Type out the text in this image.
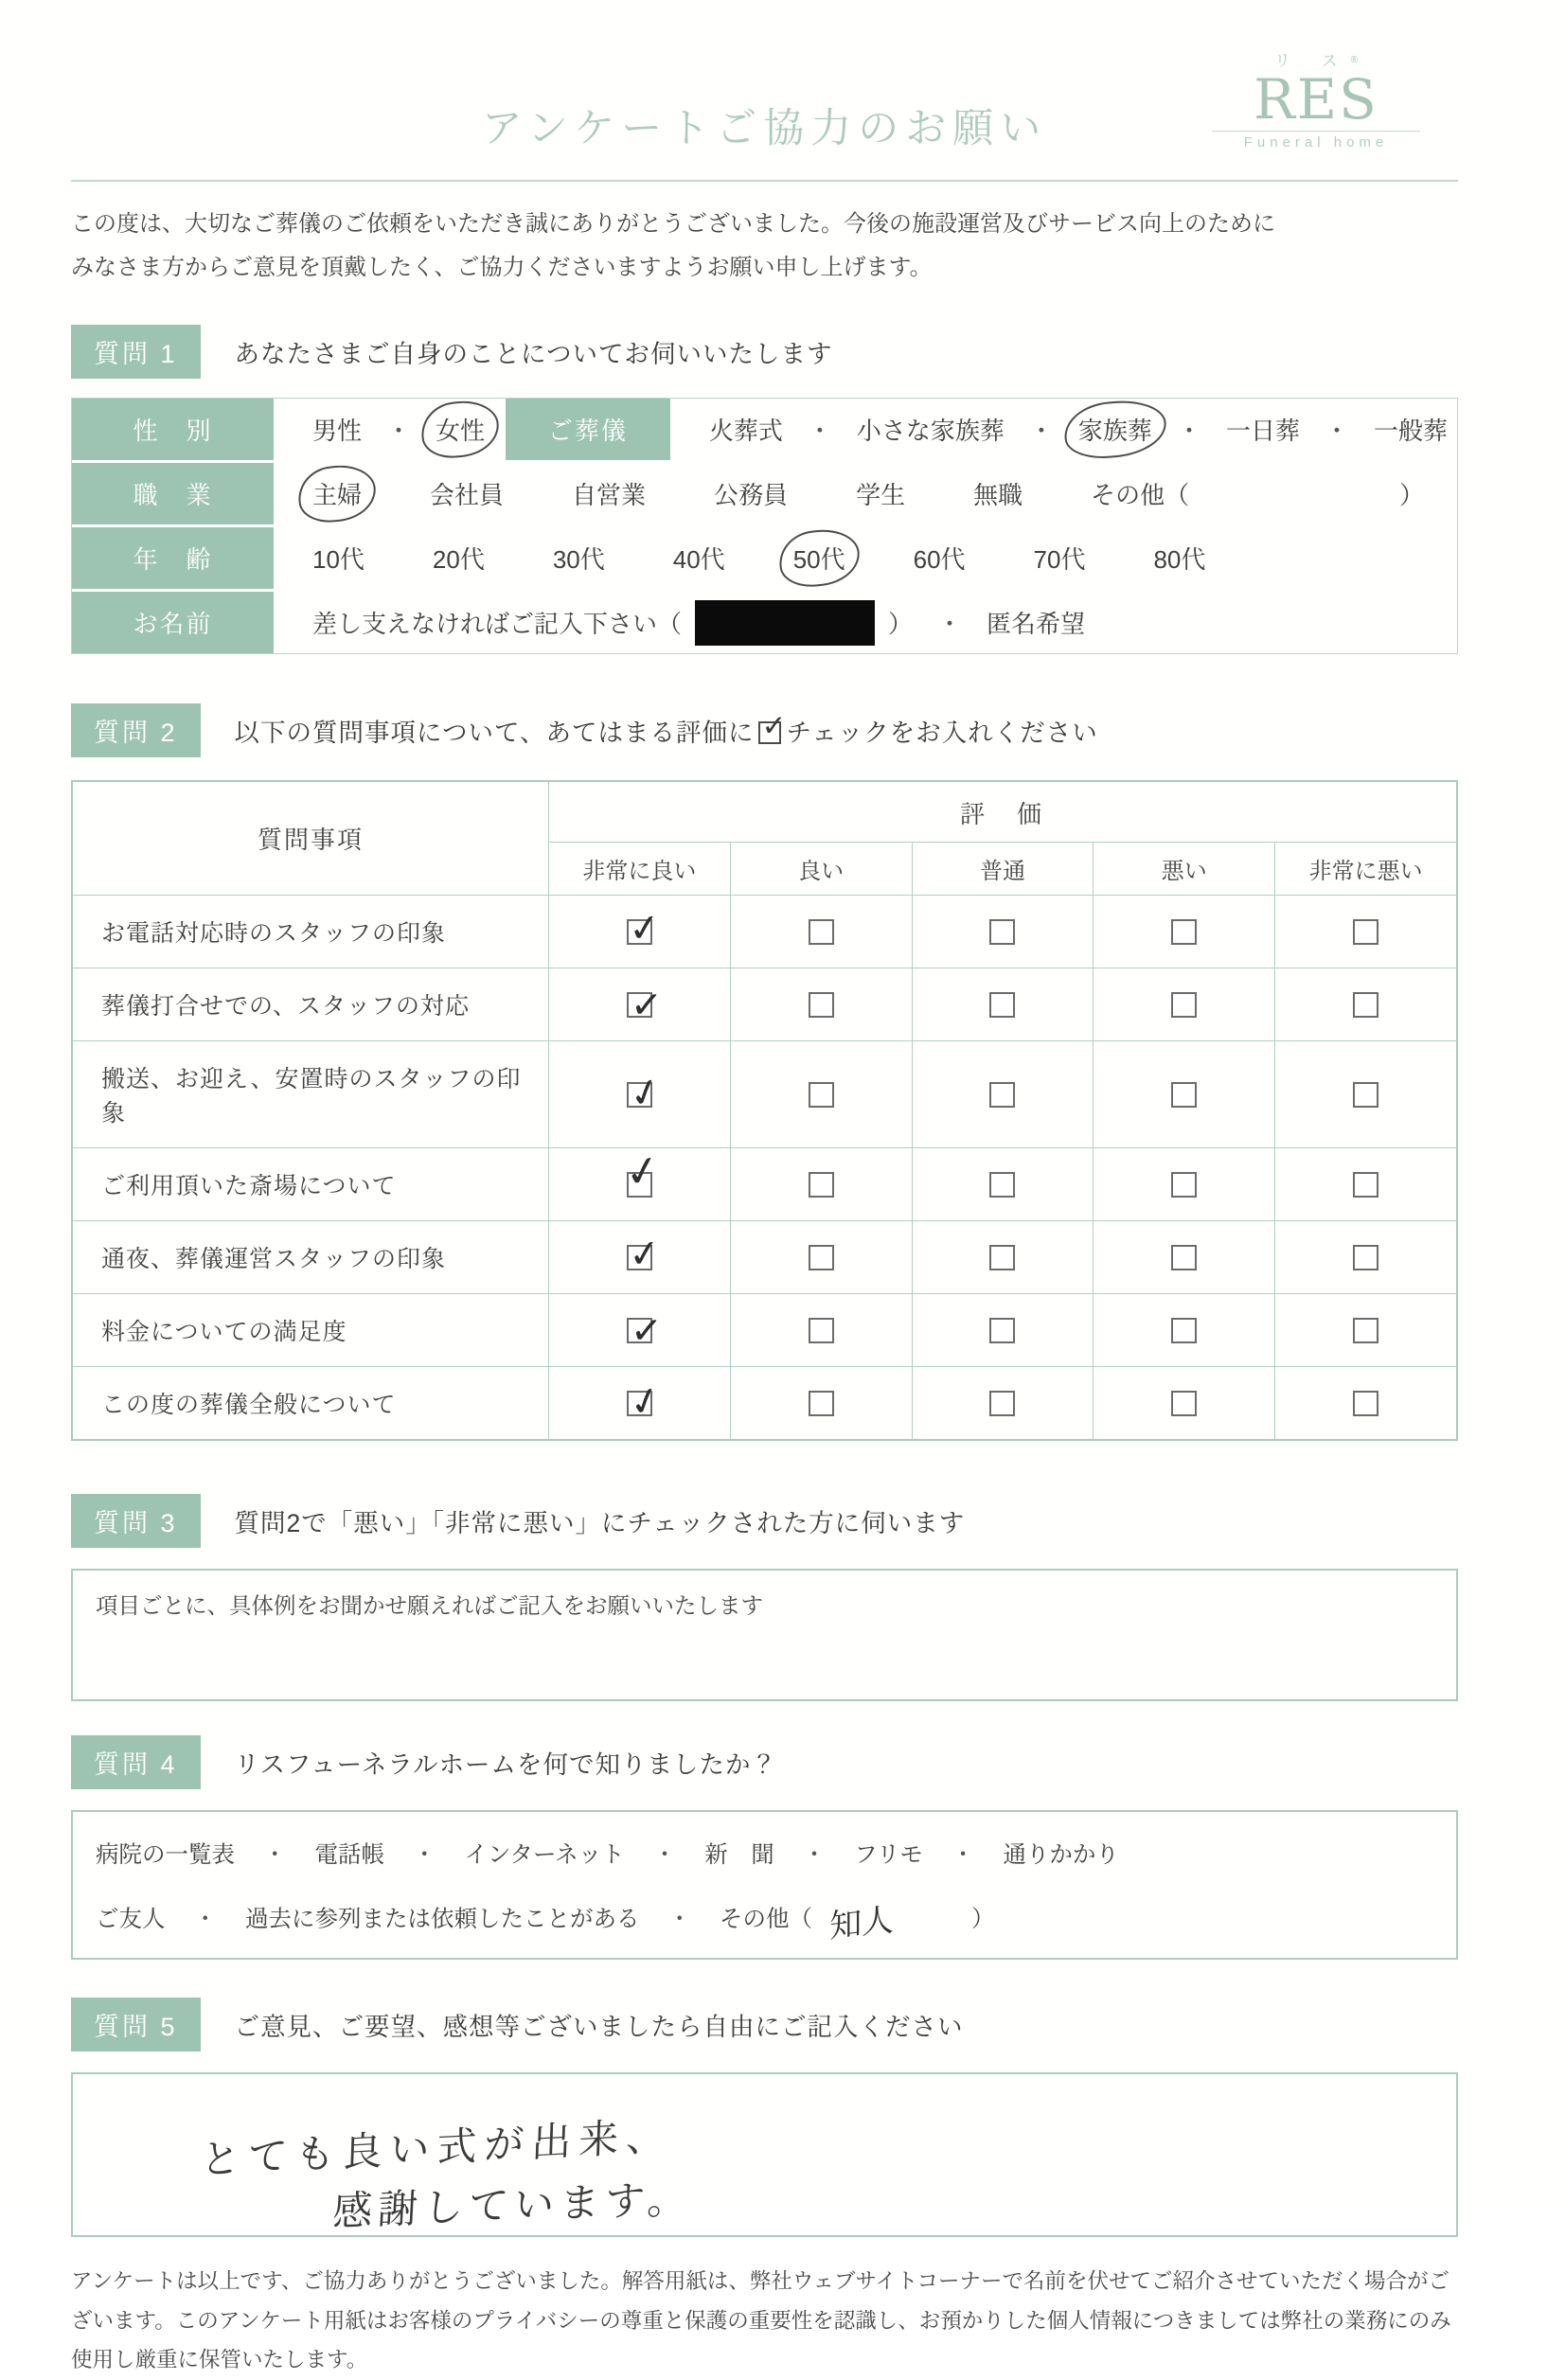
アンケートご協力のお願い
リ ス®
RES
Funeral home
この度は、大切なご葬儀のご依頼をいただき誠にありがとうございました。今後の施設運営及びサービス向上のために
みなさま方からご意見を頂戴したく、ご協力くださいますようお願い申し上げます。
質問 1	あなたさまご自身のことについてお伺いいたします
性　別	男性 ・ 女性	ご葬儀	火葬式 ・ 小さな家族葬 ・ 家族葬 ・ 一日葬 ・ 一般葬
職　業	主婦	会社員	自営業	公務員	学生	無職	その他（	）
年　齢	10代	20代	30代	40代	50代	60代	70代	80代
お名前	差し支えなければご記入下さい（	） ・ 匿名希望
質問 2	以下の質問事項について、あてはまる評価に ✓ チェックをお入れください
質問事項
評　価
非常に良い	良い	普通	悪い	非常に悪い
お電話対応時のスタッフの印象	✓
葬儀打合せでの、スタッフの対応	✓
搬送、お迎え、安置時のスタッフの印象	✓
ご利用頂いた斎場について	✓
通夜、葬儀運営スタッフの印象	✓
料金についての満足度	✓
この度の葬儀全般について	✓
質問 3	質問2で「悪い」「非常に悪い」にチェックされた方に伺います
項目ごとに、具体例をお聞かせ願えればご記入をお願いいたします
質問 4	リスフューネラルホームを何で知りましたか？
病院の一覧表 ・ 電話帳 ・ インターネット ・ 新　聞 ・ フリモ ・ 通りかかり
ご友人 ・ 過去に参列または依頼したことがある ・ その他（ 知人	）
質問 5	ご意見、ご要望、感想等ございましたら自由にご記入ください
とても良い式が出来、
感謝しています。
アンケートは以上です、ご協力ありがとうございました。解答用紙は、弊社ウェブサイトコーナーで名前を伏せてご紹介させていただく場合がございます。このアンケート用紙はお客様のプライバシーの尊重と保護の重要性を認識し、お預かりした個人情報につきましては弊社の業務にのみ使用し厳重に保管いたします。
